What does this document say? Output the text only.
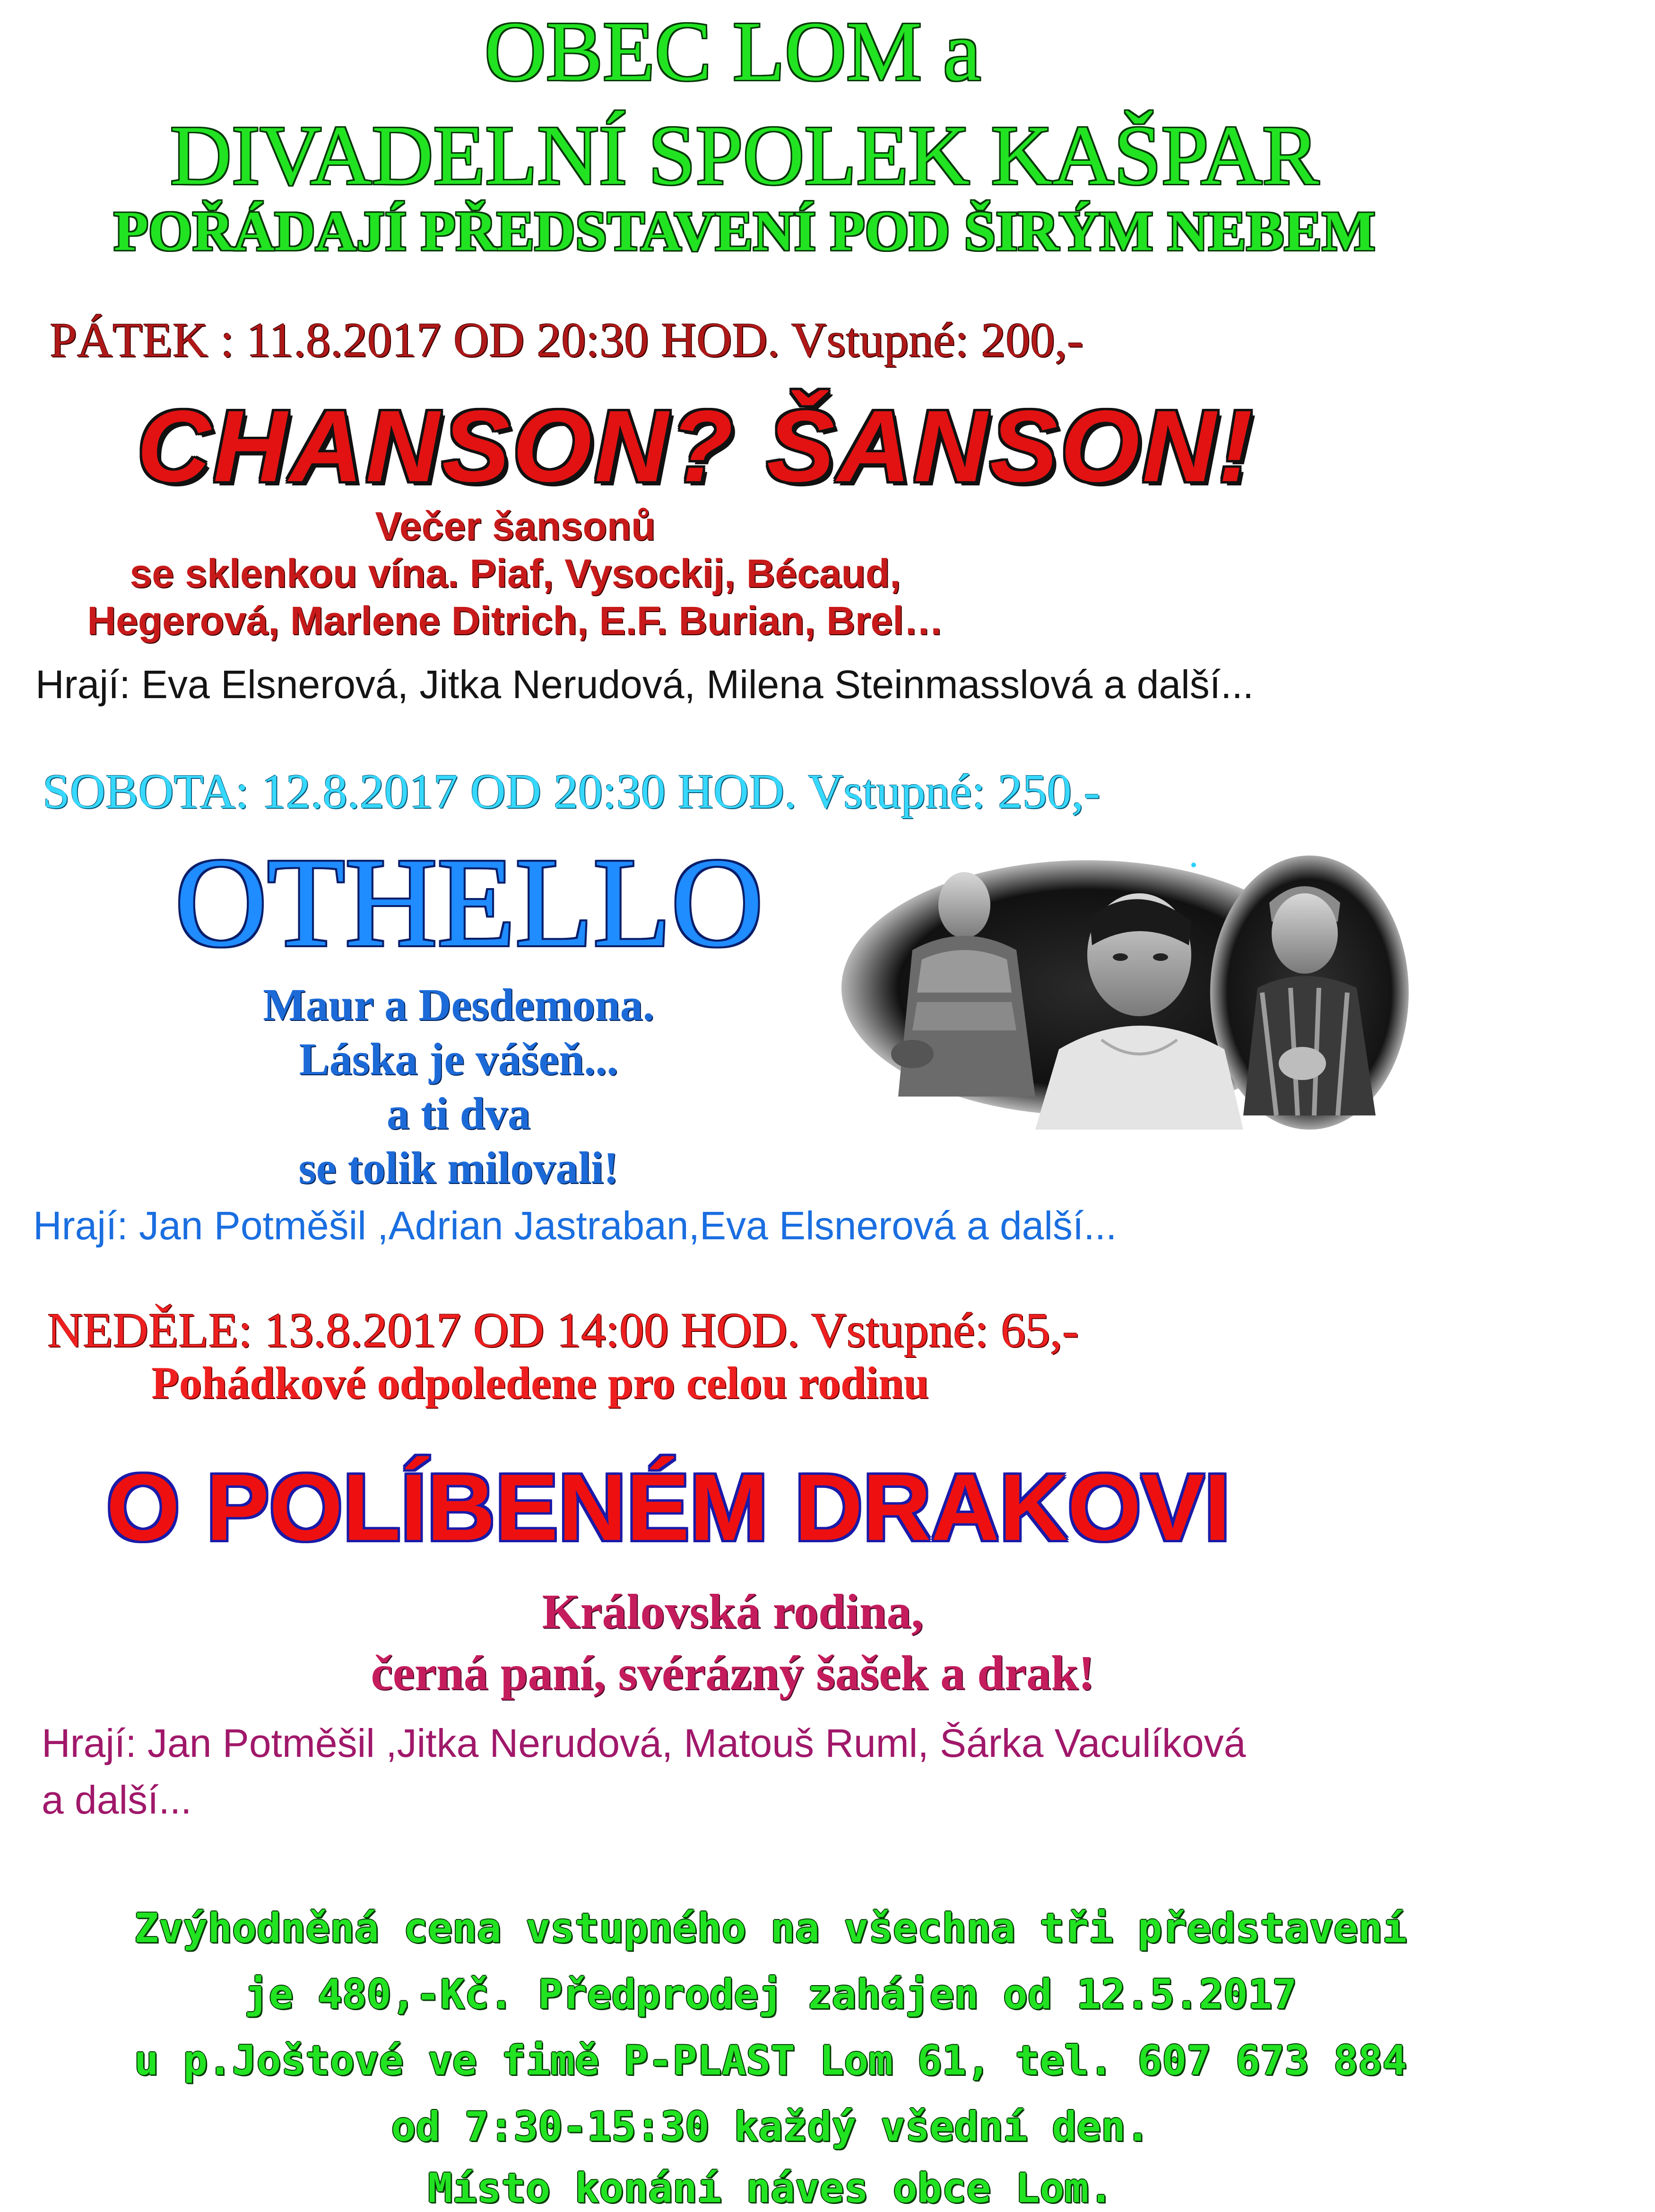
OBEC LOM a
DIVADELNÍ SPOLEK KAŠPAR
POŘÁDAJÍ PŘEDSTAVENÍ POD ŠIRÝM NEBEM
PÁTEK : 11.8.2017 OD 20:30 HOD. Vstupné: 200,-
CHANSON? ŠANSON!
Večer šansonů
se sklenkou vína. Piaf, Vysockij, Bécaud,
Hegerová, Marlene Ditrich, E.F. Burian, Brel…
Hrají: Eva Elsnerová, Jitka Nerudová, Milena Steinmasslová a další...
SOBOTA: 12.8.2017 OD 20:30 HOD. Vstupné: 250,-
OTHELLO
Maur a Desdemona.
Láska je vášeň...
a ti dva
se tolik milovali!
Hrají: Jan Potměšil ,Adrian Jastraban,Eva Elsnerová a další...
NEDĚLE: 13.8.2017 OD 14:00 HOD. Vstupné: 65,-
Pohádkové odpoledene pro celou rodinu
O POLÍBENÉM DRAKOVI
Královská rodina,
černá paní, svérázný šašek a drak!
Hrají: Jan Potměšil ,Jitka Nerudová, Matouš Ruml, Šárka Vaculíková
a další...
Zvýhodněná cena vstupného na všechna tři představení
je 480,-Kč. Předprodej zahájen od 12.5.2017
u p.Joštové ve fimě P-PLAST Lom 61, tel. 607 673 884
od 7:30-15:30 každý všední den.
Místo konání náves obce Lom.
